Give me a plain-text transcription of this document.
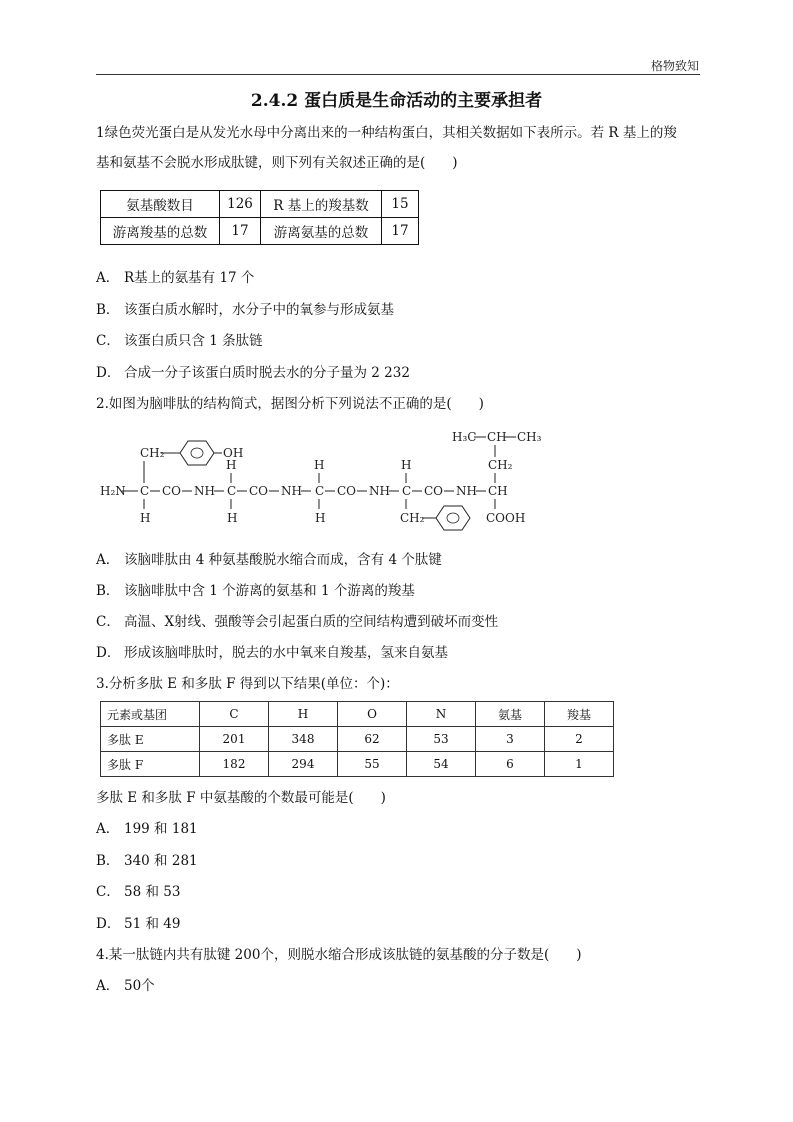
格物致知
2.4.2 蛋白质是生命活动的主要承担者
1绿色荧光蛋白是从发光水母中分离出来的一种结构蛋白，其相关数据如下表所示。若 R 基上的羧
基和氨基不会脱水形成肽键，则下列有关叙述正确的是(　　)
氨基酸数目	126	R 基上的羧基数	15
游离羧基的总数	17	游离氨基的总数	17
A． R基上的氨基有 17 个
B． 该蛋白质水解时，水分子中的氧参与形成氨基
C． 该蛋白质只含 1 条肽链
D． 合成一分子该蛋白质时脱去水的分子量为 2 232
2.如图为脑啡肽的结构简式，据图分析下列说法不正确的是(　　)
CH₂	OH
H	H	H
H₃C CH CH₃
CH₂
H₂N C CO NH C CO NH C CO NH C CO NH CH
H	H	H	CH₂	COOH
A． 该脑啡肽由 4 种氨基酸脱水缩合而成，含有 4 个肽键
B． 该脑啡肽中含 1 个游离的氨基和 1 个游离的羧基
C． 高温、X射线、强酸等会引起蛋白质的空间结构遭到破坏而变性
D． 形成该脑啡肽时，脱去的水中氧来自羧基，氢来自氨基
3.分析多肽 E 和多肽 F 得到以下结果(单位：个)：
元素或基团	C	H	O	N	氨基	羧基
多肽 E	201	348	62	53	3	2
多肽 F	182	294	55	54	6	1
多肽 E 和多肽 F 中氨基酸的个数最可能是(　　)
A． 199 和 181
B． 340 和 281
C． 58 和 53
D． 51 和 49
4.某一肽链内共有肽键 200个，则脱水缩合形成该肽链的氨基酸的分子数是(　　)
A． 50个
